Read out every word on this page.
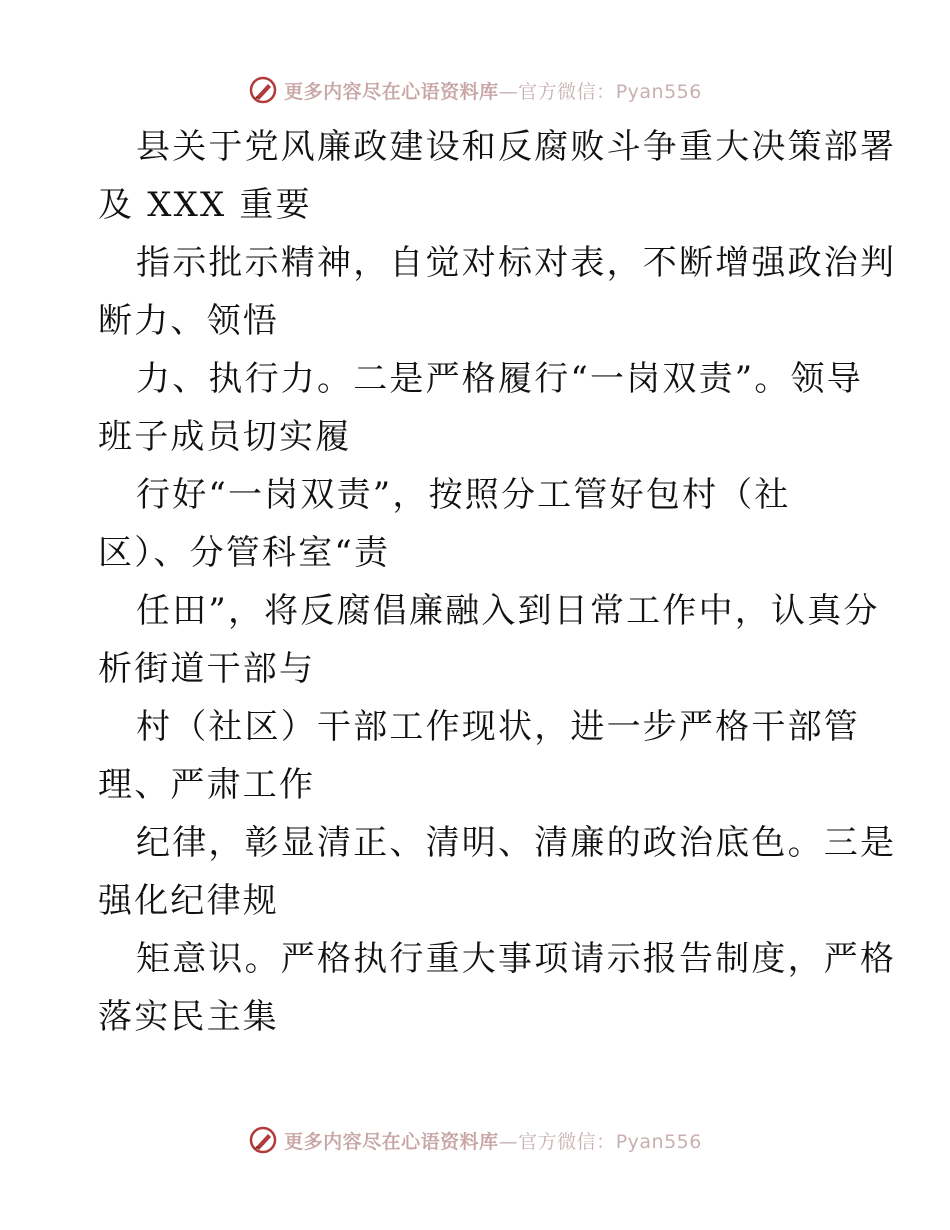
更多内容尽在心语资料库—官方微信：Pyan556

县关于党风廉政建设和反腐败斗争重大决策部署
及 XXX 重要

指示批示精神，自觉对标对表，不断增强政治判
断力、领悟

力、执行力。二是严格履行“一岗双责”。领导
班子成员切实履

行好“一岗双责”，按照分工管好包村（社
区）、分管科室“责

任田”，将反腐倡廉融入到日常工作中，认真分
析街道干部与

村（社区）干部工作现状，进一步严格干部管
理、严肃工作

纪律，彰显清正、清明、清廉的政治底色。三是
强化纪律规

矩意识。严格执行重大事项请示报告制度，严格
落实民主集

更多内容尽在心语资料库—官方微信：Pyan556
